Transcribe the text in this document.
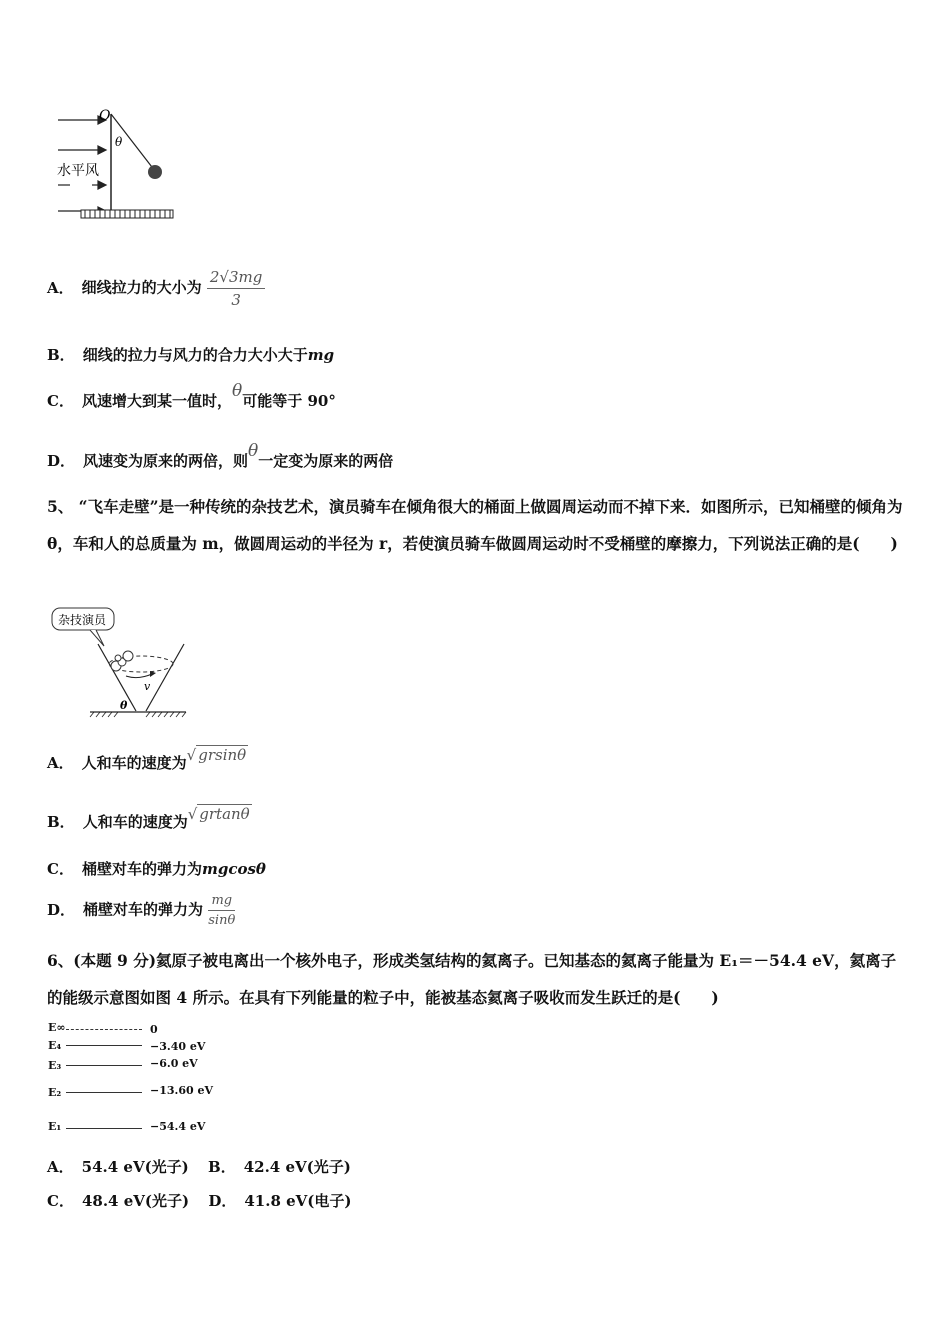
O
θ
水平风
A． 细线拉力的大小为 $\frac{2√3mg}{3}$
B． 细线的拉力与风力的合力大小大于mg
C． 风速增大到某一值时，θ可能等于 90°
D． 风速变为原来的两倍，则θ一定变为原来的两倍
5、 “飞车走壁”是一种传统的杂技艺术，演员骑车在倾角很大的桶面上做圆周运动而不掉下来．如图所示，已知桶壁的倾角为 θ，车和人的总质量为 m，做圆周运动的半径为 r，若使演员骑车做圆周运动时不受桶壁的摩擦力，下列说法正确的是(　　)
杂技演员
v
θ
A． 人和车的速度为√ grsinθ
B． 人和车的速度为√ grtanθ
C． 桶壁对车的弹力为mgcosθ
D． 桶壁对车的弹力为 $\frac{mg}{\sin\theta}$
6、(本题 9 分)氦原子被电离出一个核外电子，形成类氢结构的氦离子。已知基态的氦离子能量为 E₁＝－54.4 eV，氦离子的能级示意图如图 4 所示。在具有下列能量的粒子中，能被基态氦离子吸收而发生跃迁的是(　　)
E∞	0
E₄	−3.40 eV
E₃	−6.0 eV
E₂	−13.60 eV
E₁	−54.4 eV
A． 54.4 eV(光子) B． 42.4 eV(光子)
C． 48.4 eV(光子) D． 41.8 eV(电子)
